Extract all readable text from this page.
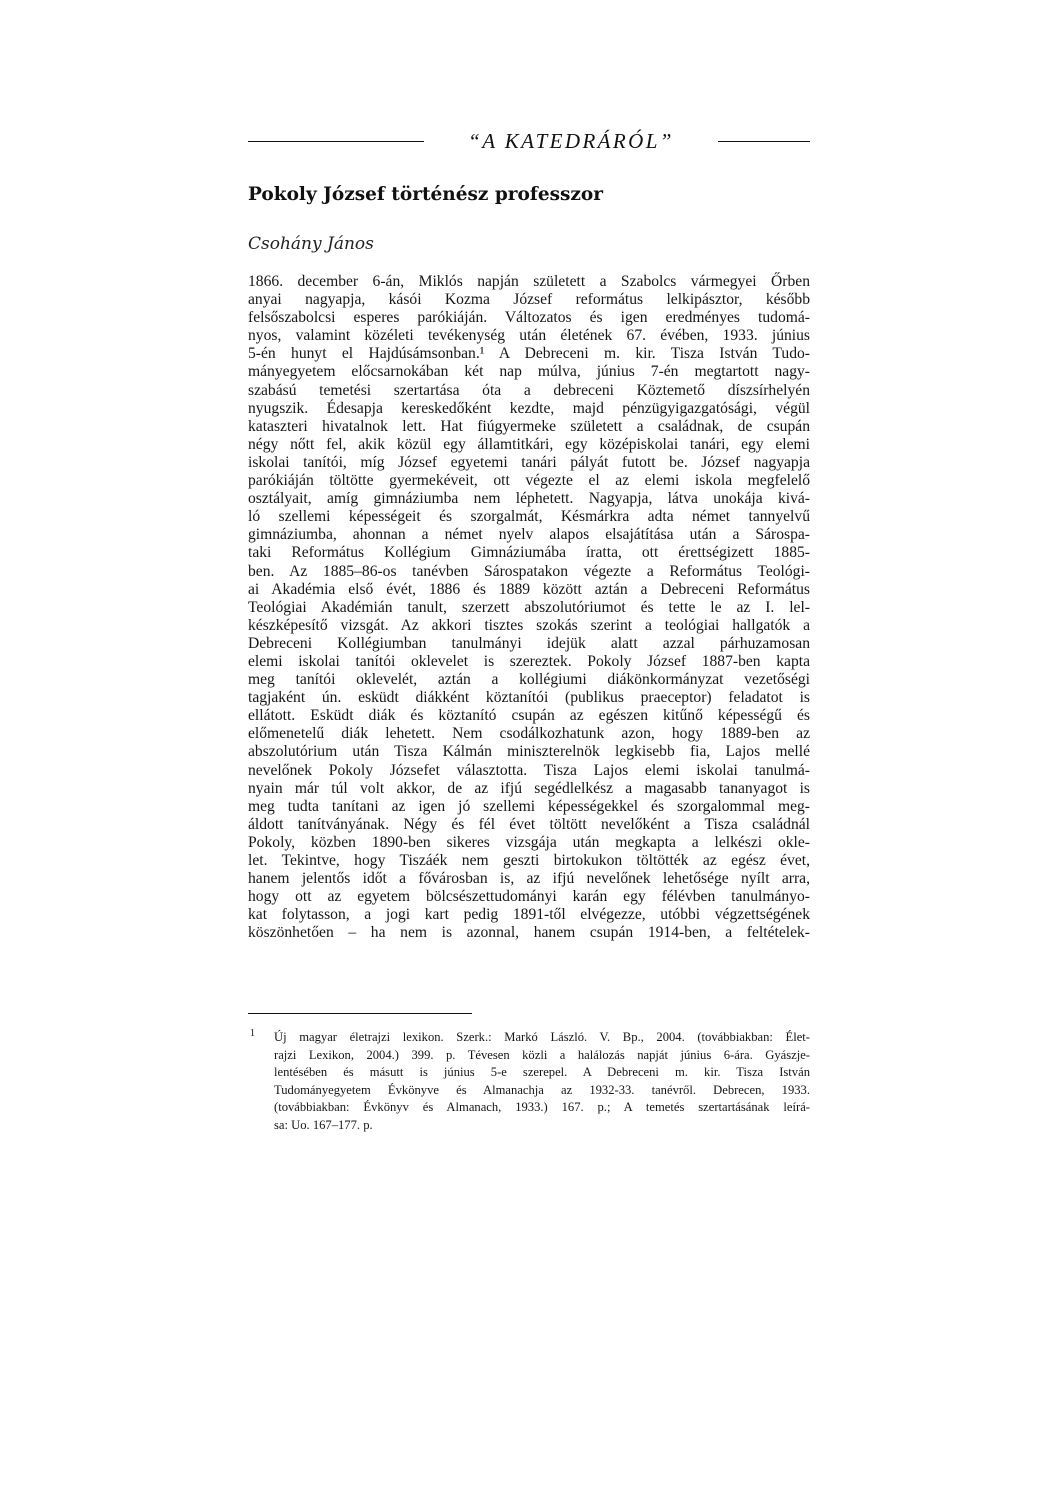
“A KATEDRÁRÓL”
Pokoly József történész professzor

Csohány János

1866. december 6-án, Miklós napján született a Szabolcs vármegyei Őrben
anyai nagyapja, kásói Kozma József református lelkipásztor, később
felsőszabolcsi esperes parókiáján. Változatos és igen eredményes tudomá-
nyos, valamint közéleti tevékenység után életének 67. évében, 1933. június
5-én hunyt el Hajdúsámsonban.¹ A Debreceni m. kir. Tisza István Tudo-
mányegyetem előcsarnokában két nap múlva, június 7-én megtartott nagy-
szabású temetési szertartása óta a debreceni Köztemető díszsírhelyén
nyugszik. Édesapja kereskedőként kezdte, majd pénzügyigazgatósági, végül
kataszteri hivatalnok lett. Hat fiúgyermeke született a családnak, de csupán
négy nőtt fel, akik közül egy államtitkári, egy középiskolai tanári, egy elemi
iskolai tanítói, míg József egyetemi tanári pályát futott be. József nagyapja
parókiáján töltötte gyermekéveit, ott végezte el az elemi iskola megfelelő
osztályait, amíg gimnáziumba nem léphetett. Nagyapja, látva unokája kivá-
ló szellemi képességeit és szorgalmát, Késmárkra adta német tannyelvű
gimnáziumba, ahonnan a német nyelv alapos elsajátítása után a Sárospa-
taki Református Kollégium Gimnáziumába íratta, ott érettségizett 1885-
ben. Az 1885–86-os tanévben Sárospatakon végezte a Református Teológi-
ai Akadémia első évét, 1886 és 1889 között aztán a Debreceni Református
Teológiai Akadémián tanult, szerzett abszolutóriumot és tette le az I. lel-
készképesítő vizsgát. Az akkori tisztes szokás szerint a teológiai hallgatók a
Debreceni Kollégiumban tanulmányi idejük alatt azzal párhuzamosan
elemi iskolai tanítói oklevelet is szereztek. Pokoly József 1887-ben kapta
meg tanítói oklevelét, aztán a kollégiumi diákönkormányzat vezetőségi
tagjaként ún. esküdt diákként köztanítói (publikus praeceptor) feladatot is
ellátott. Esküdt diák és köztanító csupán az egészen kitűnő képességű és
előmenetelű diák lehetett. Nem csodálkozhatunk azon, hogy 1889-ben az
abszolutórium után Tisza Kálmán miniszterelnök legkisebb fia, Lajos mellé
nevelőnek Pokoly Józsefet választotta. Tisza Lajos elemi iskolai tanulmá-
nyain már túl volt akkor, de az ifjú segédlelkész a magasabb tananyagot is
meg tudta tanítani az igen jó szellemi képességekkel és szorgalommal meg-
áldott tanítványának. Négy és fél évet töltött nevelőként a Tisza családnál
Pokoly, közben 1890-ben sikeres vizsgája után megkapta a lelkészi okle-
let. Tekintve, hogy Tiszáék nem geszti birtokukon töltötték az egész évet,
hanem jelentős időt a fővárosban is, az ifjú nevelőnek lehetősége nyílt arra,
hogy ott az egyetem bölcsészettudományi karán egy félévben tanulmányo-
kat folytasson, a jogi kart pedig 1891-től elvégezze, utóbbi végzettségének
köszönhetően – ha nem is azonnal, hanem csupán 1914-ben, a feltételek-
1 Új magyar életrajzi lexikon. Szerk.: Markó László. V. Bp., 2004. (továbbiakban: Élet-
rajzi Lexikon, 2004.) 399. p. Tévesen közli a halálozás napját június 6-ára. Gyászje-
lentésében és másutt is június 5-e szerepel. A Debreceni m. kir. Tisza István
Tudományegyetem Évkönyve és Almanachja az 1932-33. tanévről. Debrecen, 1933.
(továbbiakban: Évkönyv és Almanach, 1933.) 167. p.; A temetés szertartásának leírá-
sa: Uo. 167–177. p.
